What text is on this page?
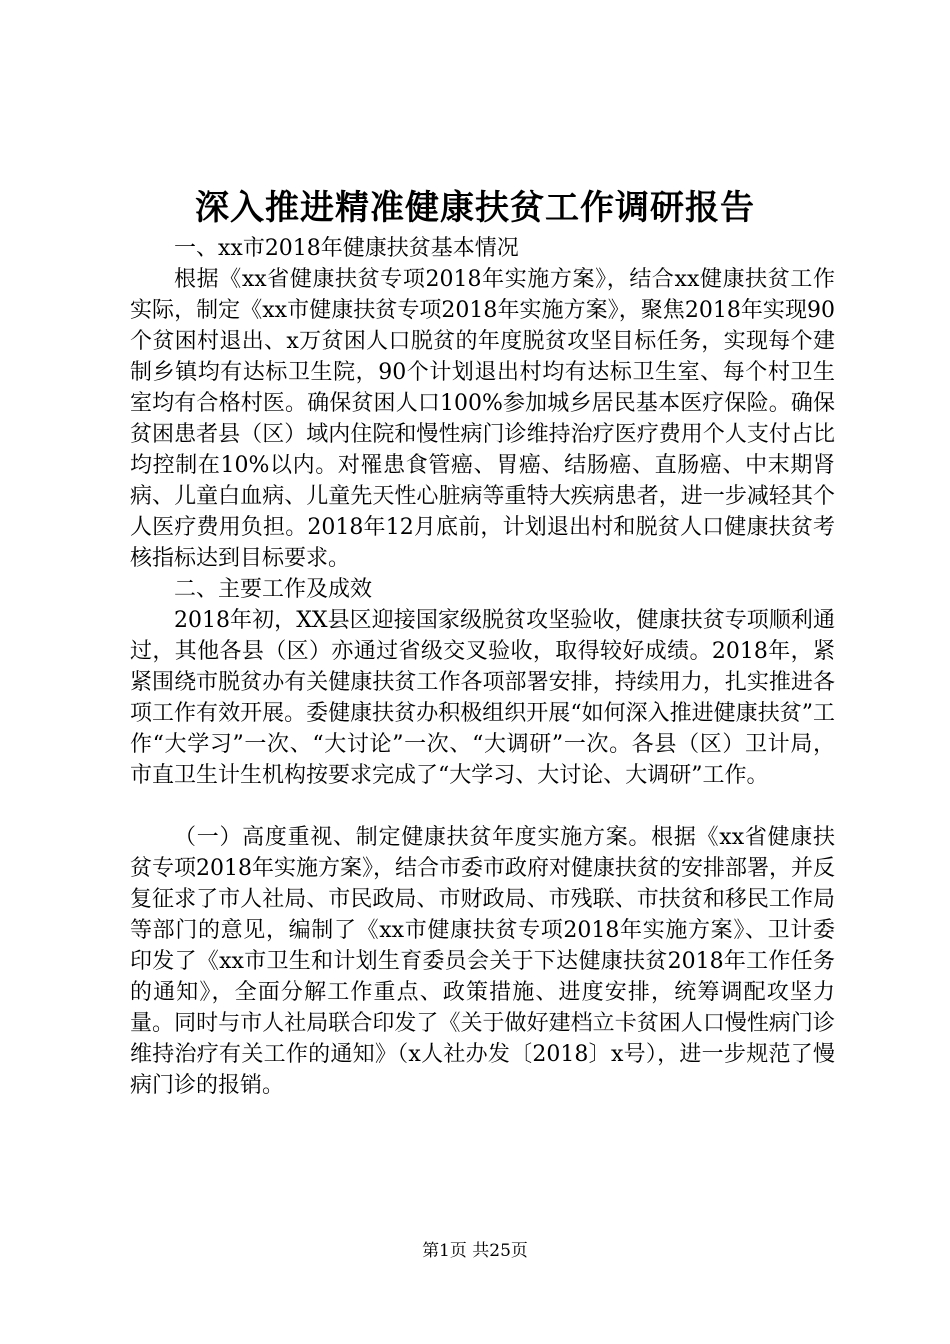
深入推进精准健康扶贫工作调研报告

一、xx市2018年健康扶贫基本情况

根据《xx省健康扶贫专项2018年实施方案》，结合xx健康扶贫工作实际，制定《xx市健康扶贫专项2018年实施方案》，聚焦2018年实现90个贫困村退出、x万贫困人口脱贫的年度脱贫攻坚目标任务，实现每个建制乡镇均有达标卫生院，90个计划退出村均有达标卫生室、每个村卫生室均有合格村医。确保贫困人口100%参加城乡居民基本医疗保险。确保贫困患者县（区）域内住院和慢性病门诊维持治疗医疗费用个人支付占比均控制在10%以内。对罹患食管癌、胃癌、结肠癌、直肠癌、中末期肾病、儿童白血病、儿童先天性心脏病等重特大疾病患者，进一步减轻其个人医疗费用负担。2018年12月底前，计划退出村和脱贫人口健康扶贫考核指标达到目标要求。

二、主要工作及成效

2018年初，XX县区迎接国家级脱贫攻坚验收，健康扶贫专项顺利通过，其他各县（区）亦通过省级交叉验收，取得较好成绩。2018年，紧紧围绕市脱贫办有关健康扶贫工作各项部署安排，持续用力，扎实推进各项工作有效开展。委健康扶贫办积极组织开展“如何深入推进健康扶贫”工作“大学习”一次、“大讨论”一次、“大调研”一次。各县（区）卫计局，市直卫生计生机构按要求完成了“大学习、大讨论、大调研”工作。

（一）高度重视、制定健康扶贫年度实施方案。根据《xx省健康扶贫专项2018年实施方案》，结合市委市政府对健康扶贫的安排部署，并反复征求了市人社局、市民政局、市财政局、市残联、市扶贫和移民工作局等部门的意见，编制了《xx市健康扶贫专项2018年实施方案》、卫计委印发了《xx市卫生和计划生育委员会关于下达健康扶贫2018年工作任务的通知》，全面分解工作重点、政策措施、进度安排，统筹调配攻坚力量。同时与市人社局联合印发了《关于做好建档立卡贫困人口慢性病门诊维持治疗有关工作的通知》（x人社办发〔2018〕x号），进一步规范了慢病门诊的报销。

第1页 共25页
